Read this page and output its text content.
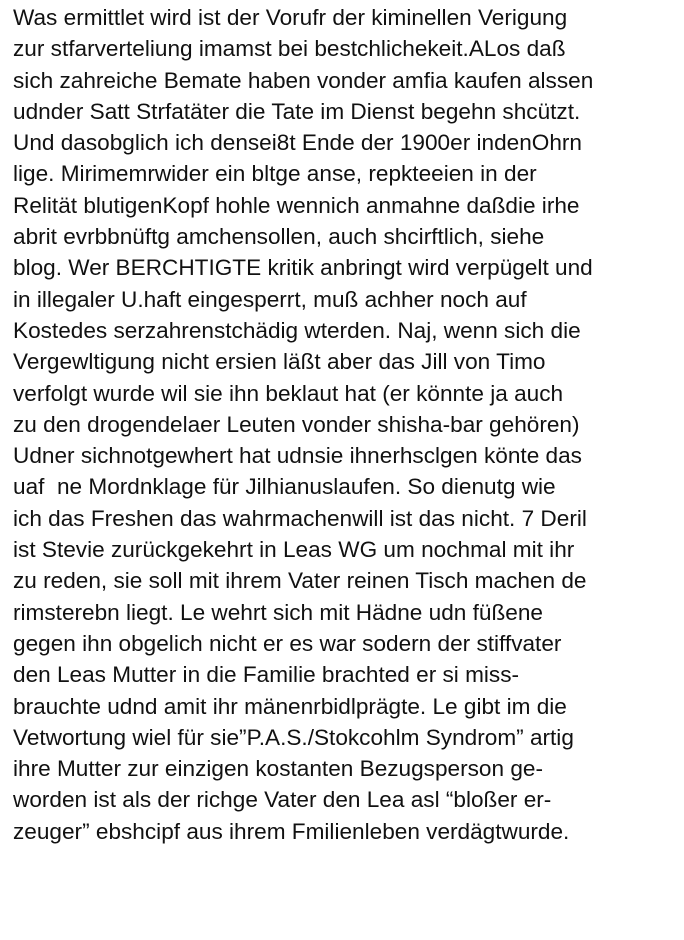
Was ermittlet wird ist der Vorufr der kiminellen Verigung
zur stfarverteliung imamst bei bestchlichekeit.ALos daß
sich zahreiche Bemate haben vonder amfia kaufen alssen
udnder Satt Strfatäter die Tate im Dienst begehn shcützt.
Und dasobglich ich denseі8t Ende der 1900er indenOhrn
lige. Mirimemrwider ein bltge anse, repkteeien in der
Relität blutigenKopf hohle wennich anmahne daßdie irhe
abrit evrbbnüftg amchensollen, auch shcirftlich, siehe
blog. Wer BERCHTIGTE kritik anbringt wird verpügelt und
in illegaler U.haft eingesperrt, muß achher noch auf
Kostedes serzahrenstchädig wterden. Naj, wenn sich die
Vergewltigung nicht ersien läßt aber das Jill von Timo
verfolgt wurde wil sie ihn beklaut hat (er könnte ja auch
zu den drogendelaer Leuten vonder shisha-bar gehören)
Udner sichnotgewhert hat udnsie ihnerhsclgen könte das
uaf  ne Mordnklage für Jilhianuslaufen. So dienutg wie
ich das Freshen das wahrmachenwill ist das nicht. 7 Deril
ist Stevie zurückgekehrt in Leas WG um nochmal mit ihr
zu reden, sie soll mit ihrem Vater reinen Tisch machen de
rimsterebn liegt. Le wehrt sich mit Hädne udn füßene
gegen ihn obgelich nicht er es war sodern der stiffvater
den Leas Mutter in die Familie brachted er si miss-
brauchte udnd amit ihr mänenrbidlprägte. Le gibt im die
Vetwortung wiel für sie”P.A.S./Stokcohlm Syndrom” artig
ihre Mutter zur einzigen kostanten Bezugsperson ge-
worden ist als der richge Vater den Lea asl “bloßer er-
zeuger” ebshcipf aus ihrem Fmilienleben verdägtwurde.
